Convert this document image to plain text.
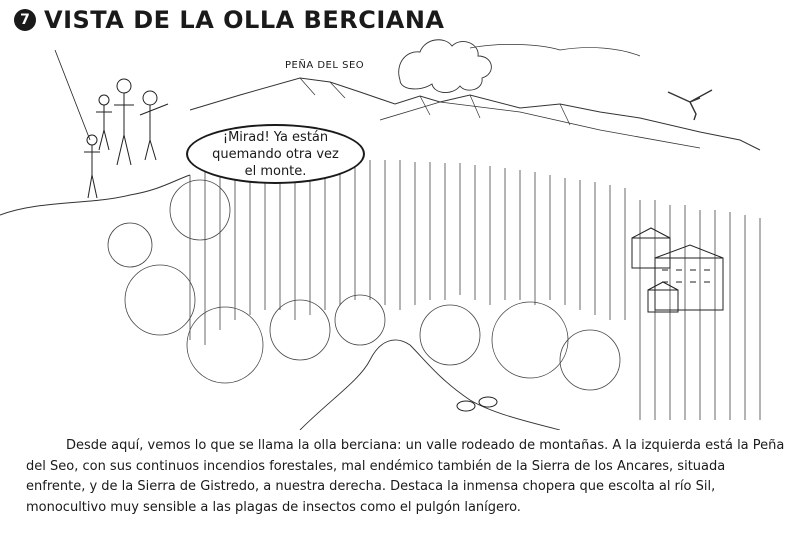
7 VISTA DE LA OLLA BERCIANA
PEÑA DEL SEO
¡Mirad! Ya están quemando otra vez el monte.
Desde aquí, vemos lo que se llama la olla berciana: un valle rodeado de montañas. A la izquierda está la Peña del Seo, con sus continuos incendios forestales, mal endémico también de la Sierra de los Ancares, situada enfrente, y de la Sierra de Gistredo, a nuestra derecha. Destaca la inmensa chopera que escolta al río Sil, monocultivo muy sensible a las plagas de insectos como el pulgón lanígero.
